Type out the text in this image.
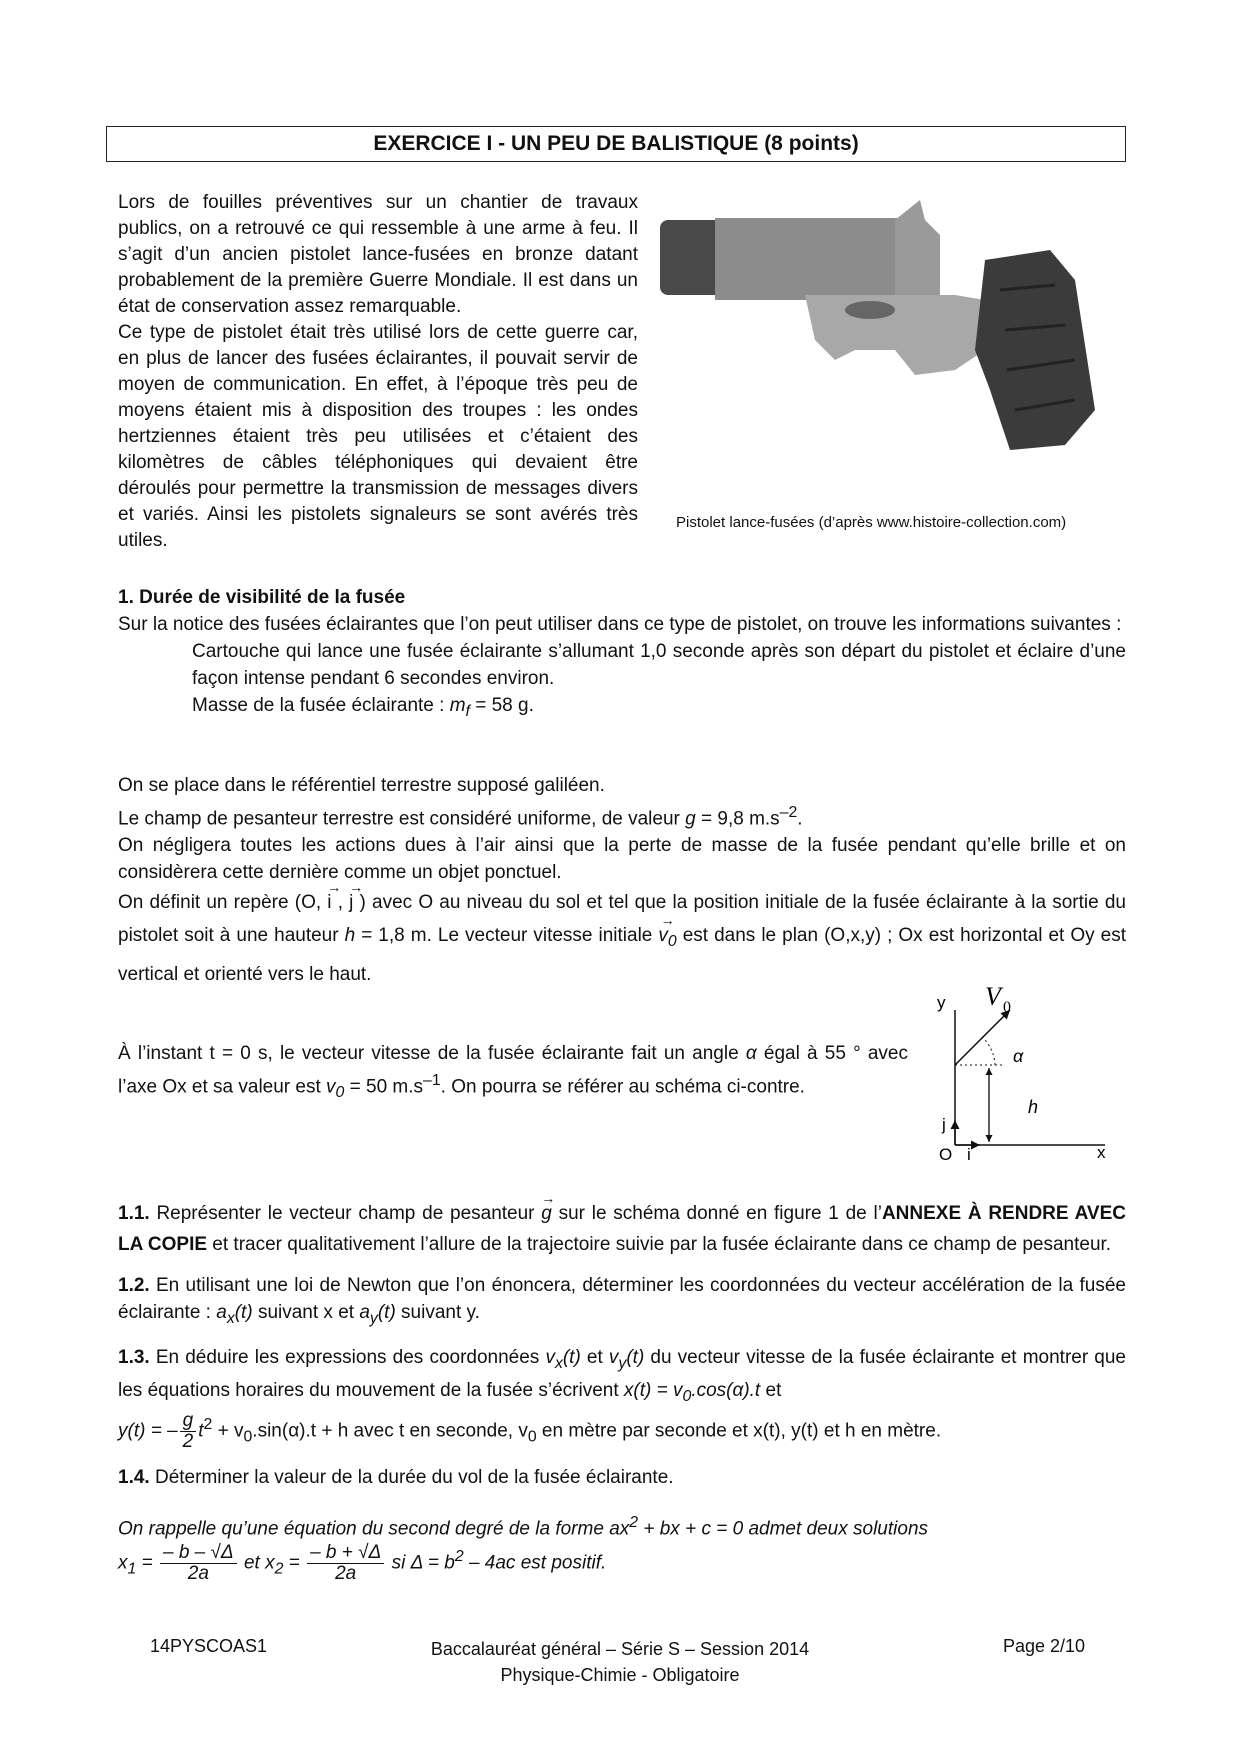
EXERCICE I - UN PEU DE BALISTIQUE (8 points)

Lors de fouilles préventives sur un chantier de travaux publics, on a retrouvé ce qui ressemble à une arme à feu. Il s’agit d’un ancien pistolet lance-fusées en bronze datant probablement de la première Guerre Mondiale. Il est dans un état de conservation assez remarquable.

Ce type de pistolet était très utilisé lors de cette guerre car, en plus de lancer des fusées éclairantes, il pouvait servir de moyen de communication. En effet, à l’époque très peu de moyens étaient mis à disposition des troupes : les ondes hertziennes étaient très peu utilisées et c’étaient des kilomètres de câbles téléphoniques qui devaient être déroulés pour permettre la transmission de messages divers et variés. Ainsi les pistolets signaleurs se sont avérés très utiles.

Pistolet lance-fusées (d’après www.histoire-collection.com)

1. Durée de visibilité de la fusée

Sur la notice des fusées éclairantes que l’on peut utiliser dans ce type de pistolet, on trouve les informations suivantes :

Cartouche qui lance une fusée éclairante s’allumant 1,0 seconde après son départ du pistolet et éclaire d’une façon intense pendant 6 secondes environ.

Masse de la fusée éclairante : $m_f = 58$ g.

On se place dans le référentiel terrestre supposé galiléen.

Le champ de pesanteur terrestre est considéré uniforme, de valeur g = 9,8 $m.s^{-2}$.

On négligera toutes les actions dues à l’air ainsi que la perte de masse de la fusée pendant qu’elle brille et on considèrera cette dernière comme un objet ponctuel.

On définit un repère (O, → i , → j ) avec O au niveau du sol et tel que la position initiale de la fusée éclairante à la sortie du pistolet soit à une hauteur h = 1,8 m. Le vecteur vitesse initiale → $v_0$ est dans le plan (O,x,y) ; Ox est horizontal et Oy est vertical et orienté vers le haut.

À l’instant t = 0 s, le vecteur vitesse de la fusée éclairante fait un angle α égal à 55 ° avec l’axe Ox et sa valeur est $v_0 = 50$ $m.s^{-1}$. On pourra se référer au schéma ci-contre.

y V 0
α
h
j
O i	x

1.1. Représenter le vecteur champ de pesanteur → g sur le schéma donné en figure 1 de l’ANNEXE À RENDRE AVEC LA COPIE et tracer qualitativement l’allure de la trajectoire suivie par la fusée éclairante dans ce champ de pesanteur.

1.2. En utilisant une loi de Newton que l’on énoncera, déterminer les coordonnées du vecteur accélération de la fusée éclairante : $a_x(t)$ suivant x et $a_y(t)$ suivant y.

1.3. En déduire les expressions des coordonnées $v_x(t)$ et $v_y(t)$ du vecteur vitesse de la fusée éclairante et montrer que les équations horaires du mouvement de la fusée s’écrivent $x(t) = v_0.\cos(\alpha).t$ et

y(t) = – $\frac{g}{2} t^2 + v_0.\sin(\alpha).t + h$ avec t en seconde, $v_0$ en mètre par seconde et x(t), y(t) et h en mètre.

1.4. Déterminer la valeur de la durée du vol de la fusée éclairante.

On rappelle qu’une équation du second degré de la forme $ax^2$ + bx + c = 0 admet deux solutions

$x_1 = \frac{- b - √\Delta}{2a}$ et $x_2 = \frac{- b + √\Delta}{2a}$ si $\Delta = b^2 - 4ac$ est positif.

14PYSCOAS1	Baccalauréat général – Série S – Session 2014
Physique-Chimie - Obligatoire
Page 2/10
